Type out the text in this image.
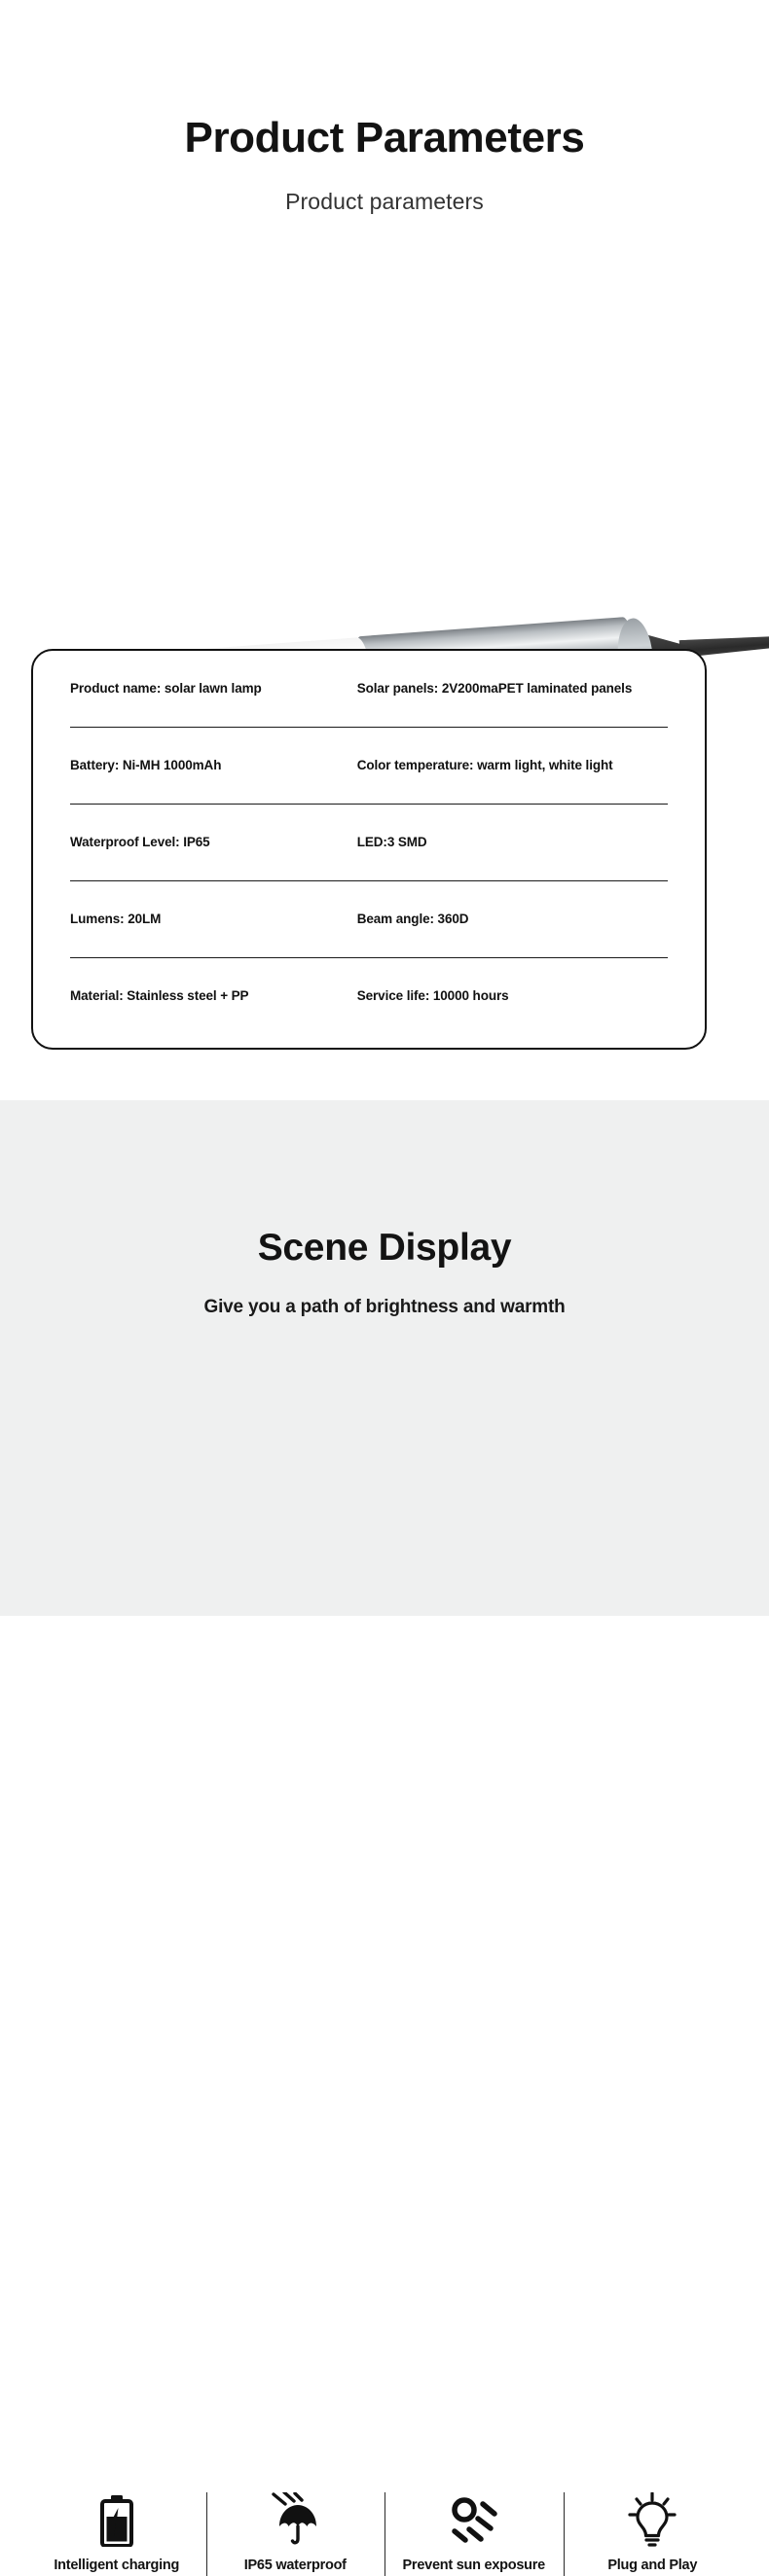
Product Parameters
Product parameters
Product name: solar lawn lamp	Solar panels: 2V200maPET laminated panels
Battery: Ni-MH 1000mAh	Color temperature: warm light, white light
Waterproof Level: IP65	LED:3 SMD
Lumens: 20LM	Beam angle: 360D
Material: Stainless steel + PP	Service life: 10000 hours
Scene Display

Give you a path of brightness and warmth

Intelligent charging	IP65 waterproof	Prevent sun exposure	Plug and Play
